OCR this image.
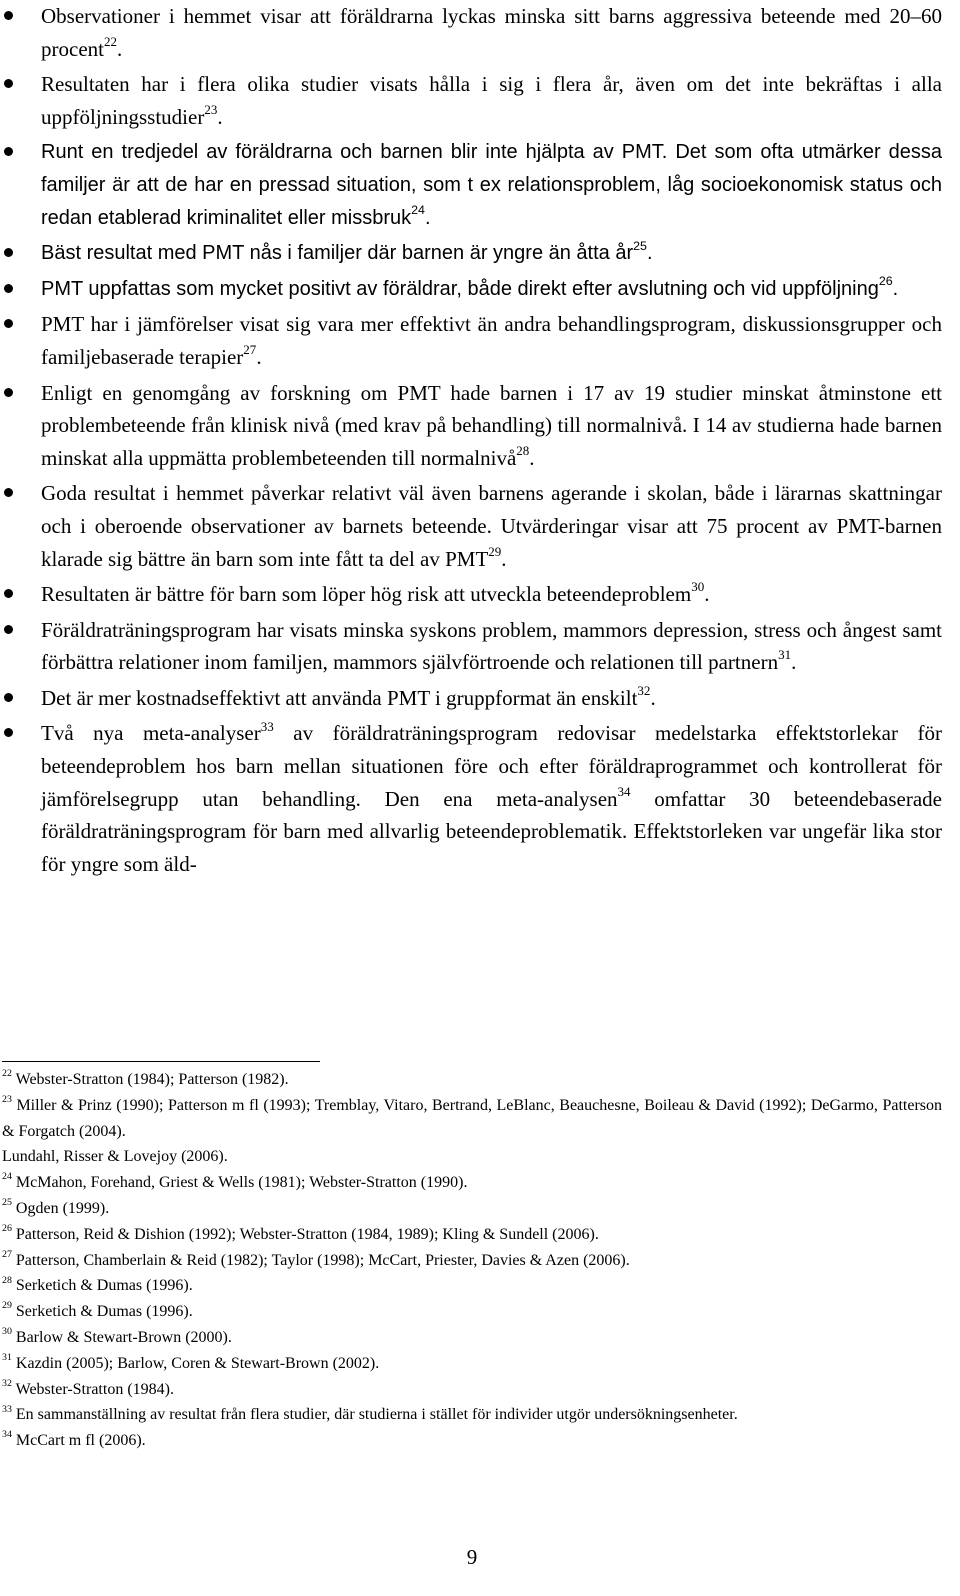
Observationer i hemmet visar att föräldrarna lyckas minska sitt barns aggressiva beteende med 20–60 procent$^{22}$.
Resultaten har i flera olika studier visats hålla i sig i flera år, även om det inte bekräftas i alla uppföljningsstudier$^{23}$.
Runt en tredjedel av föräldrarna och barnen blir inte hjälpta av PMT. Det som ofta utmärker dessa familjer är att de har en pressad situation, som t ex relationsproblem, låg socioekonomisk status och redan etablerad kriminalitet eller missbruk$^{24}$.
Bäst resultat med PMT nås i familjer där barnen är yngre än åtta $år^{25}$.
PMT uppfattas som mycket positivt av föräldrar, både direkt efter avslutning och vid uppföljning$^{26}$.
PMT har i jämförelser visat sig vara mer effektivt än andra behandlingsprogram, diskussionsgrupper och familjebaserade terapier$^{27}$.
Enligt en genomgång av forskning om PMT hade barnen i 17 av 19 studier minskat åtminstone ett problembeteende från klinisk nivå (med krav på behandling) till normalnivå. I 14 av studierna hade barnen minskat alla uppmätta problembeteenden till normalnivå$^{28}$.
Goda resultat i hemmet påverkar relativt väl även barnens agerande i skolan, både i lärarnas skattningar och i oberoende observationer av barnets beteende. Utvärderingar visar att 75 procent av PMT-barnen klarade sig bättre än barn som inte fått ta del av PMT$^{29}$.
Resultaten är bättre för barn som löper hög risk att utveckla beteendeproblem$^{30}$.
Föräldraträningsprogram har visats minska syskons problem, mammors depression, stress och ångest samt förbättra relationer inom familjen, mammors självförtroende och relationen till partnern$^{31}$.
Det är mer kostnadseffektivt att använda PMT i gruppformat än enskilt$^{32}$.
Två nya meta-analyser$^{33}$ av föräldraträningsprogram redovisar medelstarka effektstorlekar för beteendeproblem hos barn mellan situationen före och efter föräldraprogrammet och kontrollerat för jämförelsegrupp utan behandling. Den ena meta-analysen$^{34}$ omfattar 30 beteendebaserade föräldraträningsprogram för barn med allvarlig beteendeproblematik. Effektstorleken var ungefär lika stor för yngre som äld-

$^{22}$ Webster-Stratton (1984); Patterson (1982).

$^{23}$ Miller & Prinz (1990); Patterson m fl (1993); Tremblay, Vitaro, Bertrand, LeBlanc, Beauchesne, Boileau & David (1992); DeGarmo, Patterson & Forgatch (2004).

Lundahl, Risser & Lovejoy (2006).

$^{24}$ McMahon, Forehand, Griest & Wells (1981); Webster-Stratton (1990).

$^{25}$ Ogden (1999).

$^{26}$ Patterson, Reid & Dishion (1992); Webster-Stratton (1984, 1989); Kling & Sundell (2006).

$^{27}$ Patterson, Chamberlain & Reid (1982); Taylor (1998); McCart, Priester, Davies & Azen (2006).

$^{28}$ Serketich & Dumas (1996).

$^{29}$ Serketich & Dumas (1996).

$^{30}$ Barlow & Stewart-Brown (2000).

$^{31}$ Kazdin (2005); Barlow, Coren & Stewart-Brown (2002).

$^{32}$ Webster-Stratton (1984).

$^{33}$ En sammanställning av resultat från flera studier, där studierna i stället för individer utgör undersökningsenheter.

$^{34}$ McCart m fl (2006).

9
